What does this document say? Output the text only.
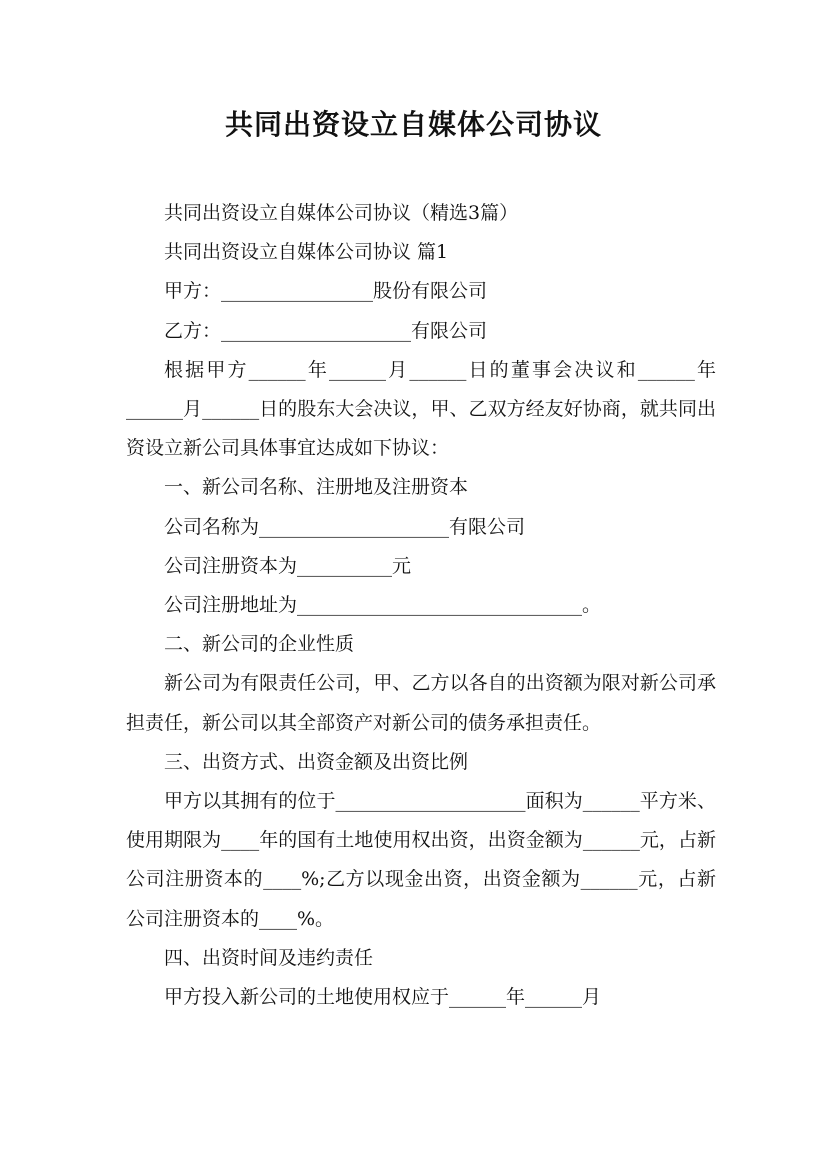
共同出资设立自媒体公司协议

共同出资设立自媒体公司协议（精选3篇）

共同出资设立自媒体公司协议 篇1

甲方：________________股份有限公司

乙方：____________________有限公司

根据甲方______年______月______日的董事会决议和______年______月______日的股东大会决议，甲、乙双方经友好协商，就共同出资设立新公司具体事宜达成如下协议：

一、新公司名称、注册地及注册资本

公司名称为____________________有限公司

公司注册资本为__________元

公司注册地址为______________________________。

二、新公司的企业性质

新公司为有限责任公司，甲、乙方以各自的出资额为限对新公司承担责任，新公司以其全部资产对新公司的债务承担责任。

三、出资方式、出资金额及出资比例

甲方以其拥有的位于____________________面积为______平方米、使用期限为____年的国有土地使用权出资，出资金额为______元，占新公司注册资本的____%;乙方以现金出资，出资金额为______元，占新公司注册资本的____%。

四、出资时间及违约责任

甲方投入新公司的土地使用权应于______年______月
